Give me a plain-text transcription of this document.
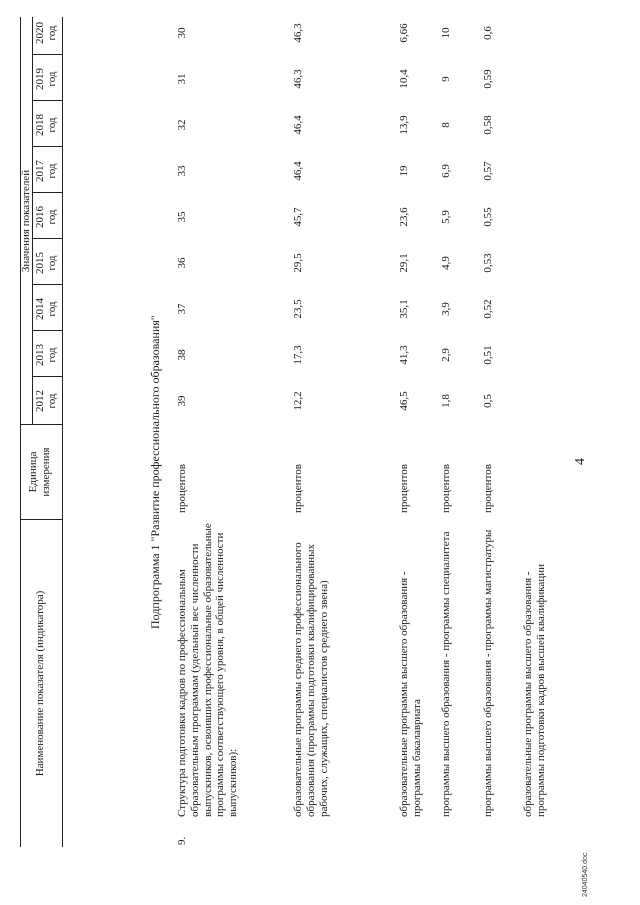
4
24040540.doc
Наименование показателя (индикатора)
Единица измерения
Значения показателей
2012 год
2013 год
2014 год
2015 год
2016 год
2017 год
2018 год
2019 год
2020 год
Подпрограмма 1 "Развитие профессионального образования"
9.
Структура подготовки кадров по профессиональным образовательным программам (удельный вес численности выпускников, освоивших профессиональные образовательные программы соответствующего уровня, в общей численности выпускников):
процентов
39
38
37
36
35
33
32
31
30
образовательные программы среднего профессионального образования (программы подготовки квалифицированных рабочих, служащих, специалистов среднего звена)
процентов
12,2
17,3
23,5
29,5
45,7
46,4
46,4
46,3
46,3
образовательные программы высшего образования - программы бакалавриата
процентов
46,5
41,3
35,1
29,1
23,6
19
13,9
10,4
6,66
программы высшего образования - программы специалитета
процентов
1,8
2,9
3,9
4,9
5,9
6,9
8
9
10
программы высшего образования - программы магистратуры
процентов
0,5
0,51
0,52
0,53
0,55
0,57
0,58
0,59
0,6
образовательные программы высшего образования - программы подготовки кадров высшей квалификации
